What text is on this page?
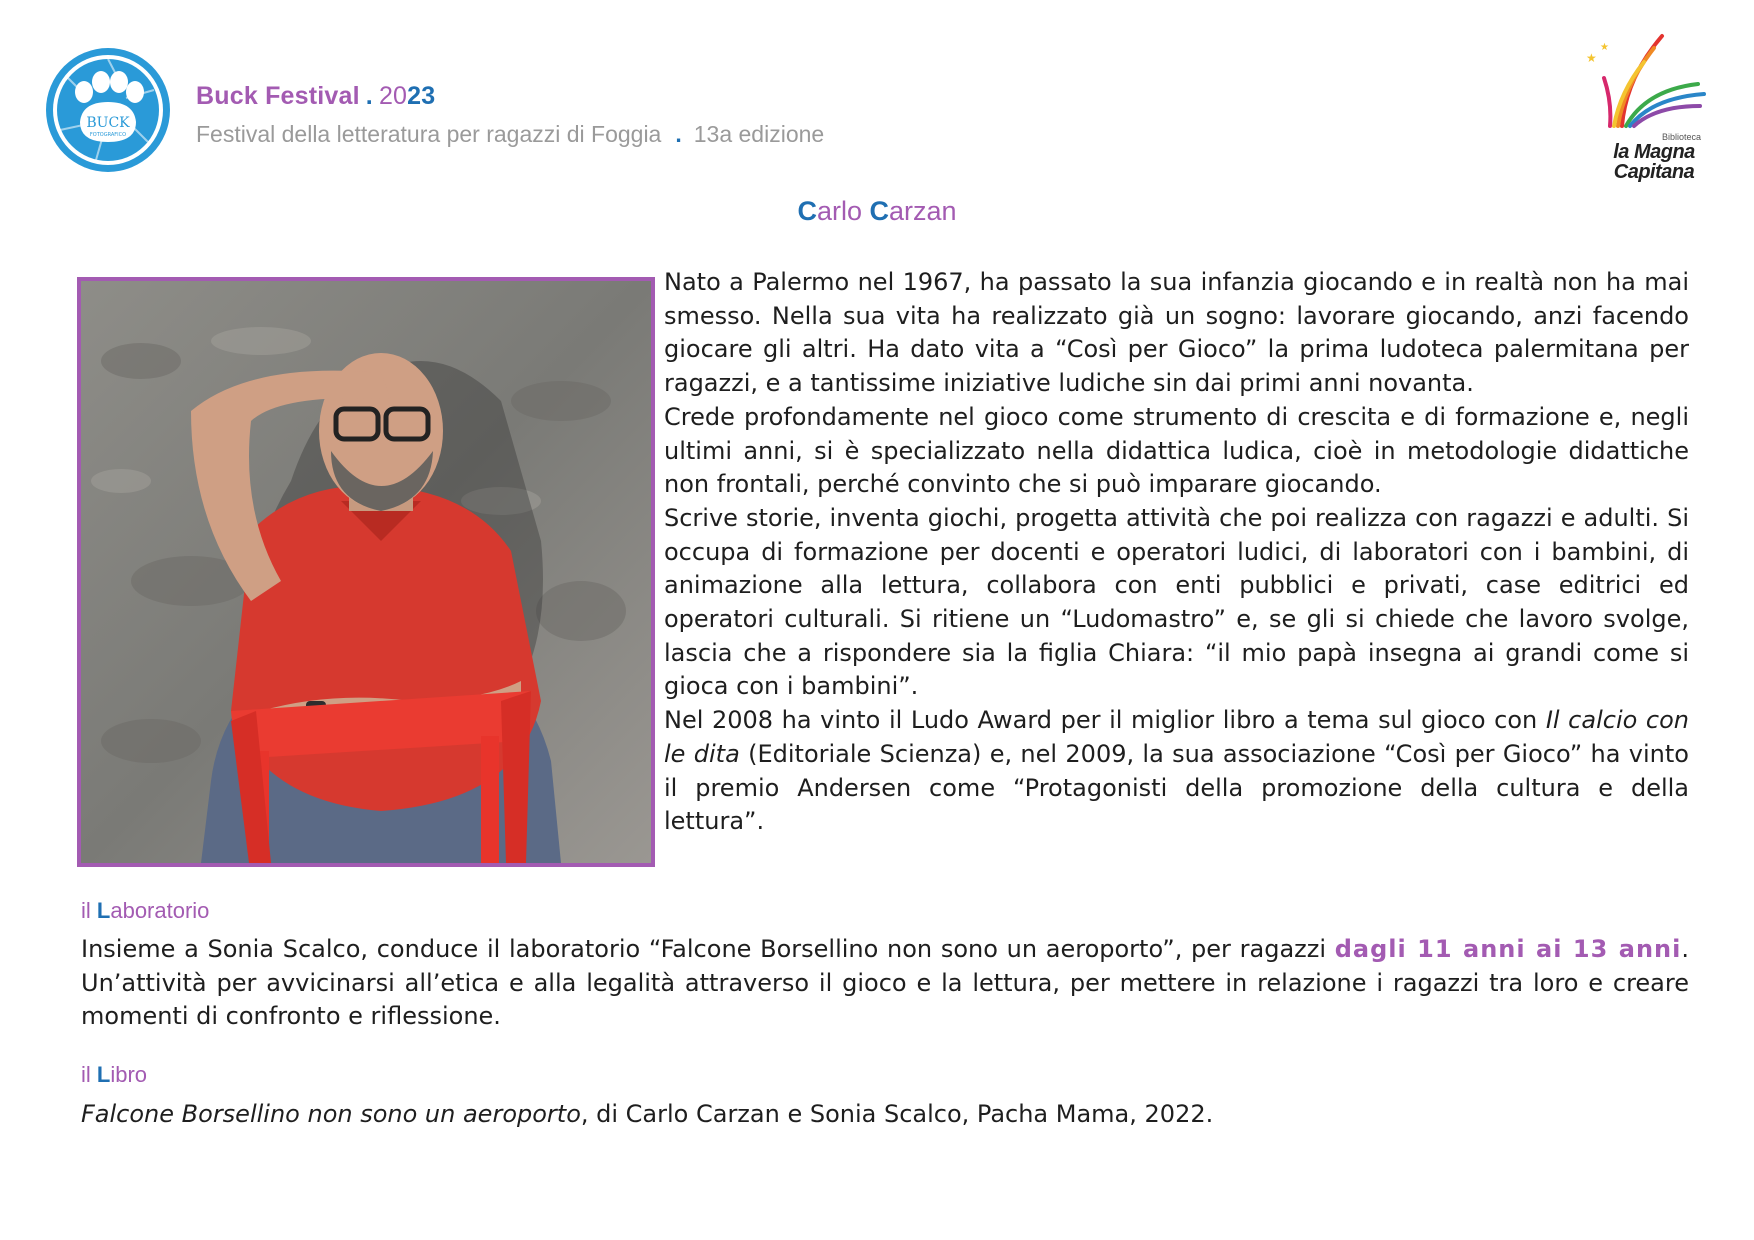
BUCK
FOTOGRAFICO
Buck Festival . 2023
Festival della letteratura per ragazzi di Foggia . 13a edizione
★
★
Biblioteca
la Magna
Capitana
Carlo Carzan

Nato a Palermo nel 1967, ha passato la sua infanzia giocando e in realtà non ha mai smesso. Nella sua vita ha realizzato già un sogno: lavorare giocando, anzi facendo giocare gli altri. Ha dato vita a “Così per Gioco” la prima ludoteca palermitana per ragazzi, e a tantissime iniziative ludiche sin dai primi anni novanta.

Crede profondamente nel gioco come strumento di crescita e di formazione e, negli ultimi anni, si è specializzato nella didattica ludica, cioè in metodologie didattiche non frontali, perché convinto che si può imparare giocando.

Scrive storie, inventa giochi, progetta attività che poi realizza con ragazzi e adulti. Si occupa di formazione per docenti e operatori ludici, di laboratori con i bambini, di animazione alla lettura, collabora con enti pubblici e privati, case editrici ed operatori culturali. Si ritiene un “Ludomastro” e, se gli si chiede che lavoro svolge, lascia che a rispondere sia la figlia Chiara: “il mio papà insegna ai grandi come si gioca con i bambini”.

Nel 2008 ha vinto il Ludo Award per il miglior libro a tema sul gioco con Il calcio con le dita (Editoriale Scienza) e, nel 2009, la sua associazione “Così per Gioco” ha vinto il premio Andersen come “Protagonisti della promozione della cultura e della lettura”.

il Laboratorio
Insieme a Sonia Scalco, conduce il laboratorio “Falcone Borsellino non sono un aeroporto”, per ragazzi dagli 11 anni ai 13 anni. Un’attività per avvicinarsi all’etica e alla legalità attraverso il gioco e la lettura, per mettere in relazione i ragazzi tra loro e creare momenti di confronto e riflessione.
il Libro
Falcone Borsellino non sono un aeroporto, di Carlo Carzan e Sonia Scalco, Pacha Mama, 2022.
